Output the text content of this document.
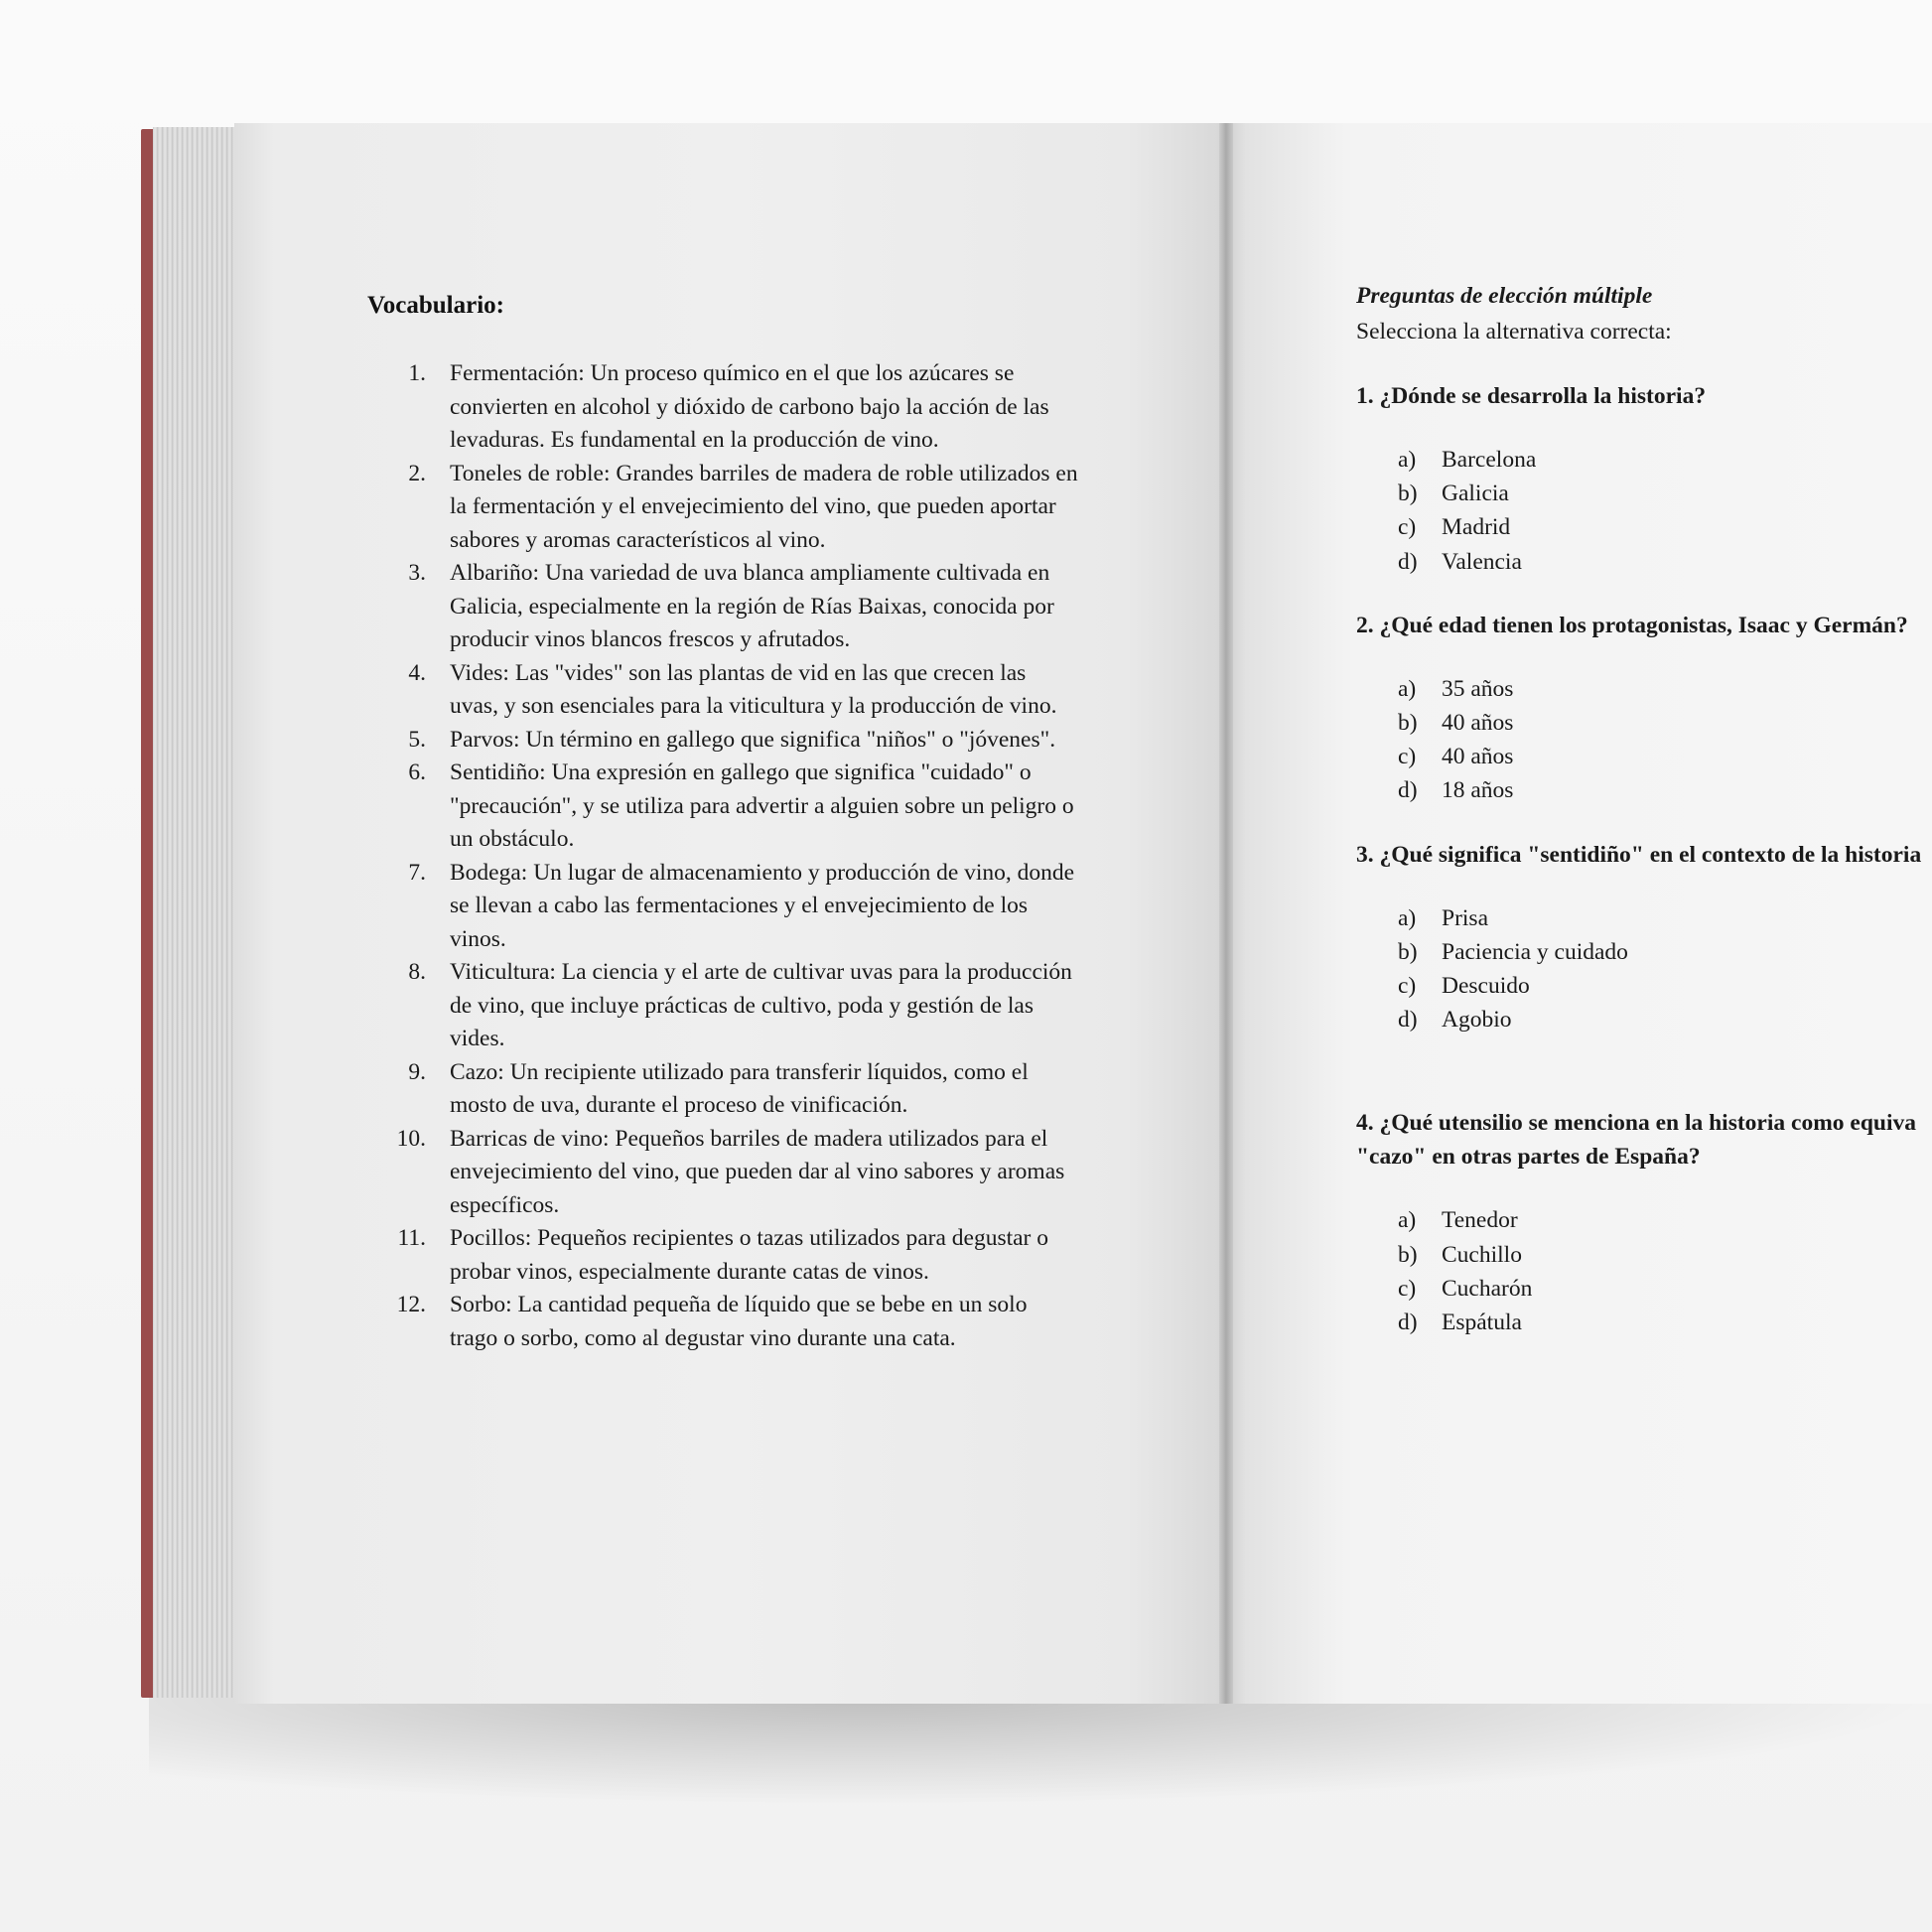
Vocabulario:
1. Fermentación: Un proceso químico en el que los azúcares se convierten en alcohol y dióxido de carbono bajo la acción de las levaduras. Es fundamental en la producción de vino.
2. Toneles de roble: Grandes barriles de madera de roble utilizados en la fermentación y el envejecimiento del vino, que pueden aportar sabores y aromas característicos al vino.
3. Albariño: Una variedad de uva blanca ampliamente cultivada en Galicia, especialmente en la región de Rías Baixas, conocida por producir vinos blancos frescos y afrutados.
4. Vides: Las "vides" son las plantas de vid en las que crecen las uvas, y son esenciales para la viticultura y la producción de vino.
5. Parvos: Un término en gallego que significa "niños" o "jóvenes".
6. Sentidiño: Una expresión en gallego que significa "cuidado" o "precaución", y se utiliza para advertir a alguien sobre un peligro o un obstáculo.
7. Bodega: Un lugar de almacenamiento y producción de vino, donde se llevan a cabo las fermentaciones y el envejecimiento de los vinos.
8. Viticultura: La ciencia y el arte de cultivar uvas para la producción de vino, que incluye prácticas de cultivo, poda y gestión de las vides.
9. Cazo: Un recipiente utilizado para transferir líquidos, como el mosto de uva, durante el proceso de vinificación.
10. Barricas de vino: Pequeños barriles de madera utilizados para el envejecimiento del vino, que pueden dar al vino sabores y aromas específicos.
11. Pocillos: Pequeños recipientes o tazas utilizados para degustar o probar vinos, especialmente durante catas de vinos.
12. Sorbo: La cantidad pequeña de líquido que se bebe en un solo trago o sorbo, como al degustar vino durante una cata.
Preguntas de elección múltiple
Selecciona la alternativa correcta:
1. ¿Dónde se desarrolla la historia?
a) Barcelona
b) Galicia
c) Madrid
d) Valencia
2. ¿Qué edad tienen los protagonistas, Isaac y Germán?
a) 35 años
b) 40 años
c) 40 años
d) 18 años
3. ¿Qué significa "sentidiño" en el contexto de la historia
a) Prisa
b) Paciencia y cuidado
c) Descuido
d) Agobio
4. ¿Qué utensilio se menciona en la historia como equiva
"cazo" en otras partes de España?
a) Tenedor
b) Cuchillo
c) Cucharón
d) Espátula
